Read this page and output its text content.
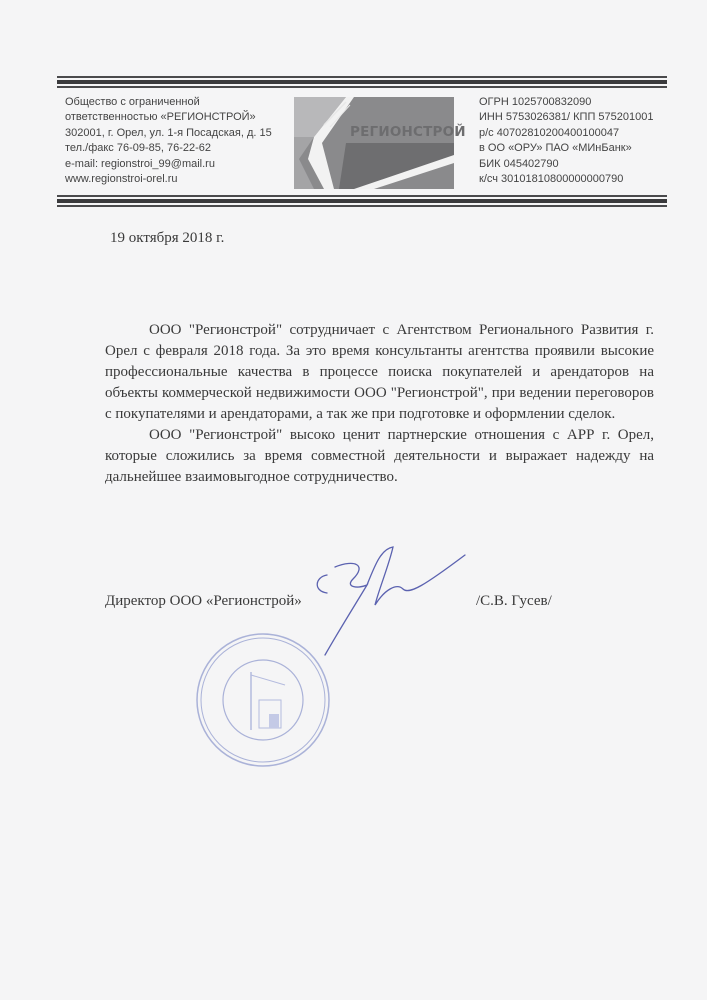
Общество с ограниченной
ответственностью «РЕГИОНСТРОЙ»
302001, г. Орел, ул. 1-я Посадская, д. 15
тел./факс 76-09-85, 76-22-62
e-mail: regionstroi_99@mail.ru
www.regionstroi-orel.ru
РЕГИОНСТРОЙ
ОГРН 1025700832090
ИНН 5753026381/ КПП 575201001
р/с 40702810200400100047
в ОО «ОРУ» ПАО «МИнБанк»
БИК 045402790
к/сч 30101810800000000790
19 октября 2018 г.

ООО "Регионстрой" сотрудничает с Агентством Регионального Развития г. Орел с февраля 2018 года. За это время консультанты агентства проявили высокие профессиональные качества в процессе поиска покупателей и арендаторов на объекты коммерческой недвижимости ООО "Регионстрой", при ведении переговоров с покупателями и арендаторами, а так же при подготовке и оформлении сделок.

ООО "Регионстрой" высоко ценит партнерские отношения с АРР г. Орел, которые сложились за время совместной деятельности и выражает надежду на дальнейшее взаимовыгодное сотрудничество.

Директор ООО «Регионстрой»	/С.В. Гусев/
